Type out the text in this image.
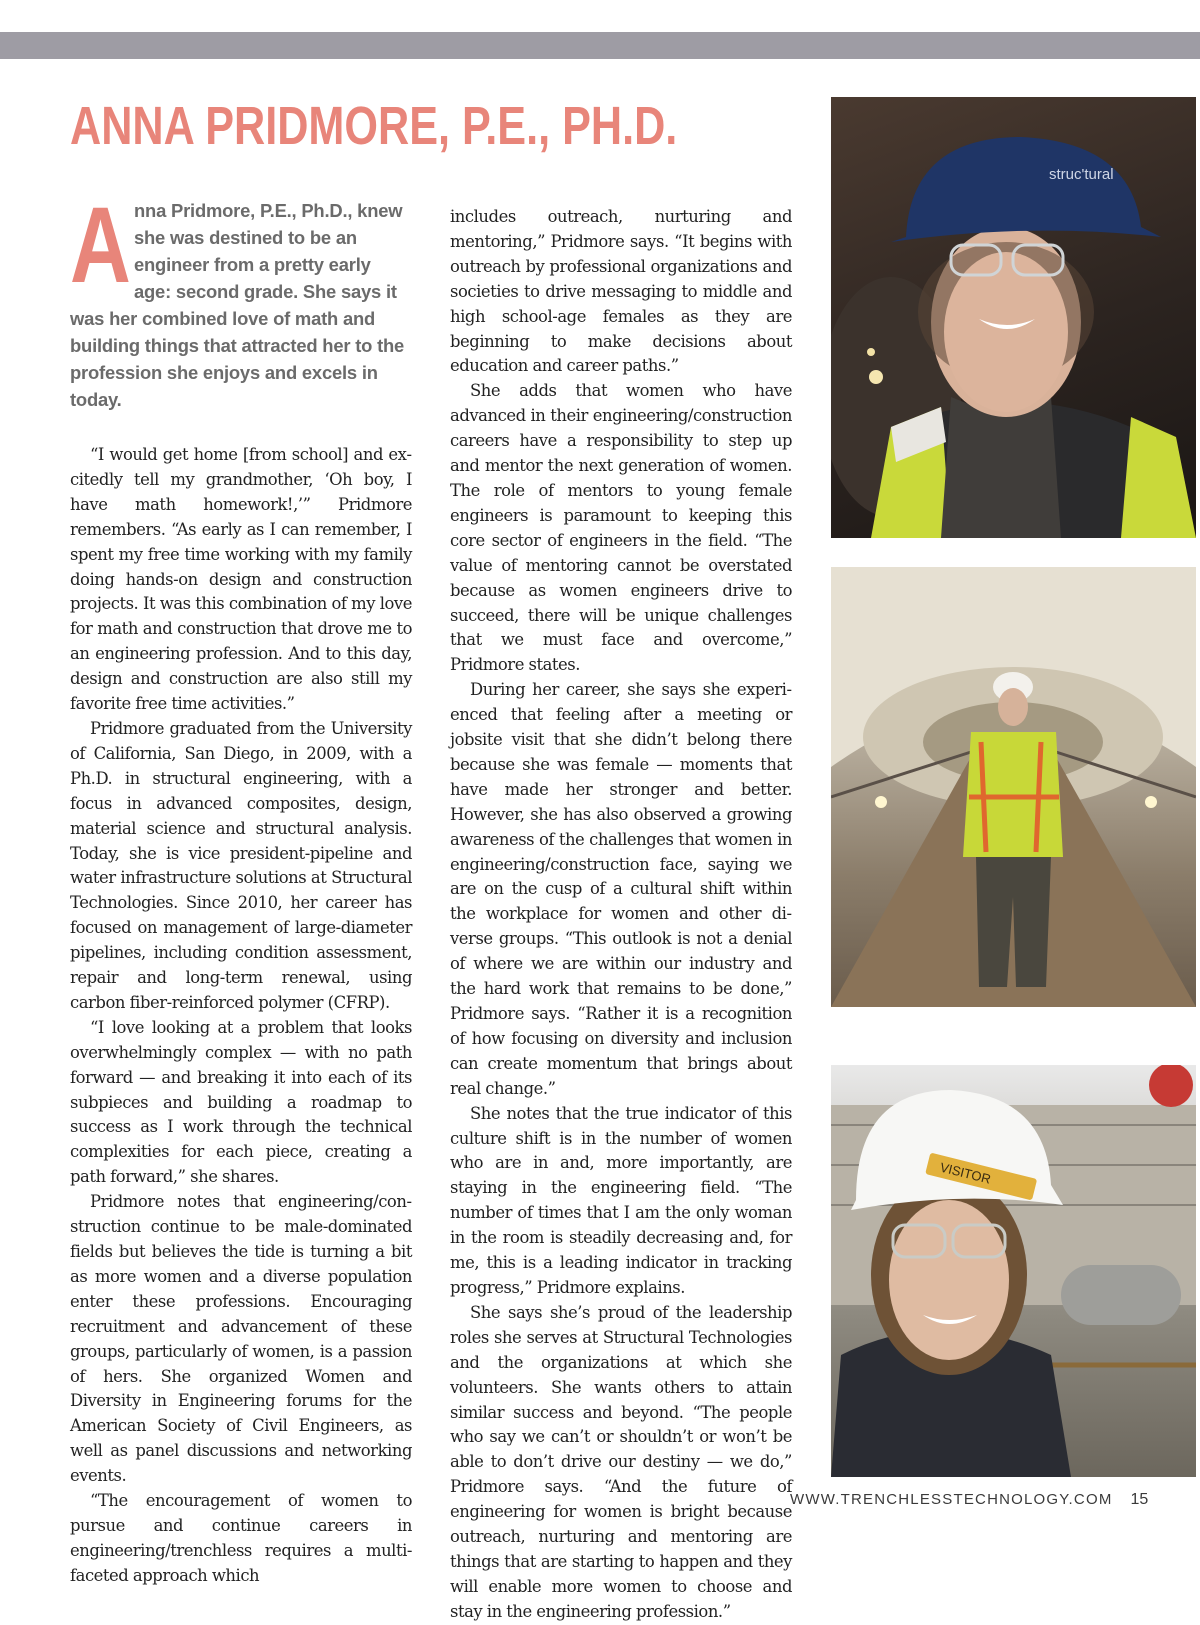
ANNA PRIDMORE, P.E., PH.D.
A nna Pridmore, P.E., Ph.D., knew she was destined to be an engineer from a pretty early age: second grade. She says it was her combined love of math and building things that attracted her to the profession she enjoys and excels in today.

“I would get home [from school] and excitedly tell my grandmother, ‘Oh boy, I have math homework!,’” Pridmore remembers. “As early as I can remember, I spent my free time working with my family doing hands-on design and construction projects. It was this combination of my love for math and construction that drove me to an engineering profession. And to this day, design and construction are also still my favorite free time activities.”

Pridmore graduated from the University of California, San Diego, in 2009, with a Ph.D. in structural engineering, with a focus in advanced composites, design, material science and structural analysis. Today, she is vice president-pipeline and water infrastructure solutions at Structural Technologies. Since 2010, her career has focused on management of large-diameter pipelines, including condition assessment, repair and long-term renewal, using carbon fiber-reinforced polymer (CFRP).

“I love looking at a problem that looks overwhelmingly complex — with no path forward — and breaking it into each of its subpieces and building a roadmap to success as I work through the technical complexities for each piece, creating a path forward,” she shares.

Pridmore notes that engineering/construction continue to be male-dominated fields but believes the tide is turning a bit as more women and a diverse population enter these professions. Encouraging recruitment and advancement of these groups, particularly of women, is a passion of hers. She organized Women and Diversity in Engineering forums for the American Society of Civil Engineers, as well as panel discussions and networking events.

“The encouragement of women to pursue and continue careers in engineering/trenchless requires a multi-faceted approach which

includes outreach, nurturing and mentoring,” Pridmore says. “It begins with outreach by professional organizations and societies to drive messaging to middle and high school-age females as they are beginning to make decisions about education and career paths.”

She adds that women who have advanced in their engineering/construction careers have a responsibility to step up and mentor the next generation of women. The role of mentors to young female engineers is paramount to keeping this core sector of engineers in the field. “The value of mentoring cannot be overstated because as women engineers drive to succeed, there will be unique challenges that we must face and overcome,” Pridmore states.

During her career, she says she experienced that feeling after a meeting or jobsite visit that she didn’t belong there because she was female — moments that have made her stronger and better. However, she has also observed a growing awareness of the challenges that women in engineering/construction face, saying we are on the cusp of a cultural shift within the workplace for women and other diverse groups. “This outlook is not a denial of where we are within our industry and the hard work that remains to be done,” Pridmore says. “Rather it is a recognition of how focusing on diversity and inclusion can create momentum that brings about real change.”

She notes that the true indicator of this culture shift is in the number of women who are in and, more importantly, are staying in the engineering field. “The number of times that I am the only woman in the room is steadily decreasing and, for me, this is a leading indicator in tracking progress,” Pridmore explains.

She says she’s proud of the leadership roles she serves at Structural Technologies and the organizations at which she volunteers. She wants others to attain similar success and beyond. “The people who say we can’t or shouldn’t or won’t be able to don’t drive our destiny — we do,” Pridmore says. “And the future of engineering for women is bright because outreach, nurturing and mentoring are things that are starting to happen and they will enable more women to choose and stay in the engineering profession.”

struc'tural
VISITOR
WWW.TRENCHLESSTECHNOLOGY.COM 15
